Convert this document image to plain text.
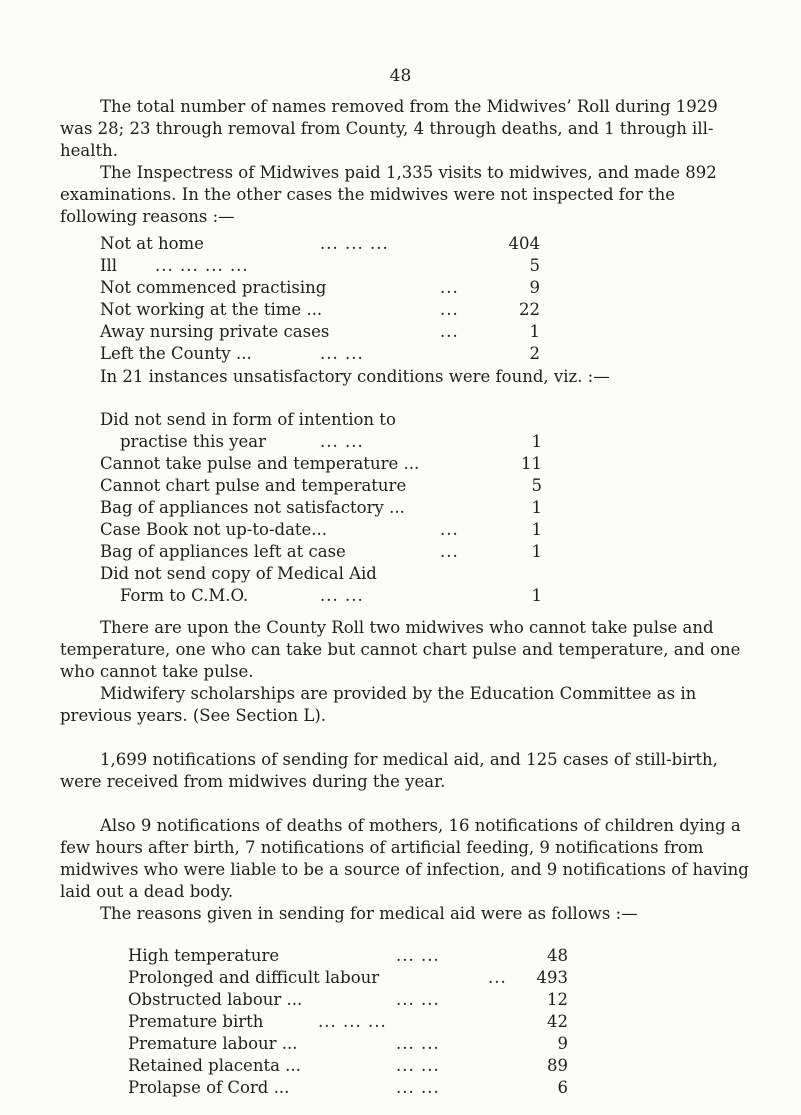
48

The total number of names removed from the Midwives’ Roll during 1929 was 28; 23 through removal from County, 4 through deaths, and 1 through ill-health.

The Inspectress of Midwives paid 1,335 visits to midwives, and made 892 examinations. In the other cases the midwives were not inspected for the following reasons :—

Not at home	... ... ...	404
Ill ... ... ... ...	5
Not commenced practising	...	9
Not working at the time ...	...	22
Away nursing private cases	...	1
Left the County ...	... ...	2

In 21 instances unsatisfactory conditions were found, viz. :—

Did not send in form of intention to
practise this year	... ...	1
Cannot take pulse and temperature ...	11
Cannot chart pulse and temperature	5
Bag of appliances not satisfactory ...	1
Case Book not up-to-date...	...	1
Bag of appliances left at case	...	1
Did not send copy of Medical Aid
Form to C.M.O.	... ...	1

There are upon the County Roll two midwives who cannot take pulse and temperature, one who can take but cannot chart pulse and temperature, and one who cannot take pulse.

Midwifery scholarships are provided by the Education Committee as in previous years. (See Section L).

1,699 notifications of sending for medical aid, and 125 cases of still-birth, were received from midwives during the year.

Also 9 notifications of deaths of mothers, 16 notifications of children dying a few hours after birth, 7 notifications of artificial feeding, 9 notifications from midwives who were liable to be a source of infection, and 9 notifications of having laid out a dead body.

The reasons given in sending for medical aid were as follows :—

High temperature	... ...	48
Prolonged and difficult labour	... 493
Obstructed labour ...	... ...	12
Premature birth	... ... ...	42
Premature labour ...	... ...	9
Retained placenta ...	... ...	89
Prolapse of Cord ...	... ...	6
